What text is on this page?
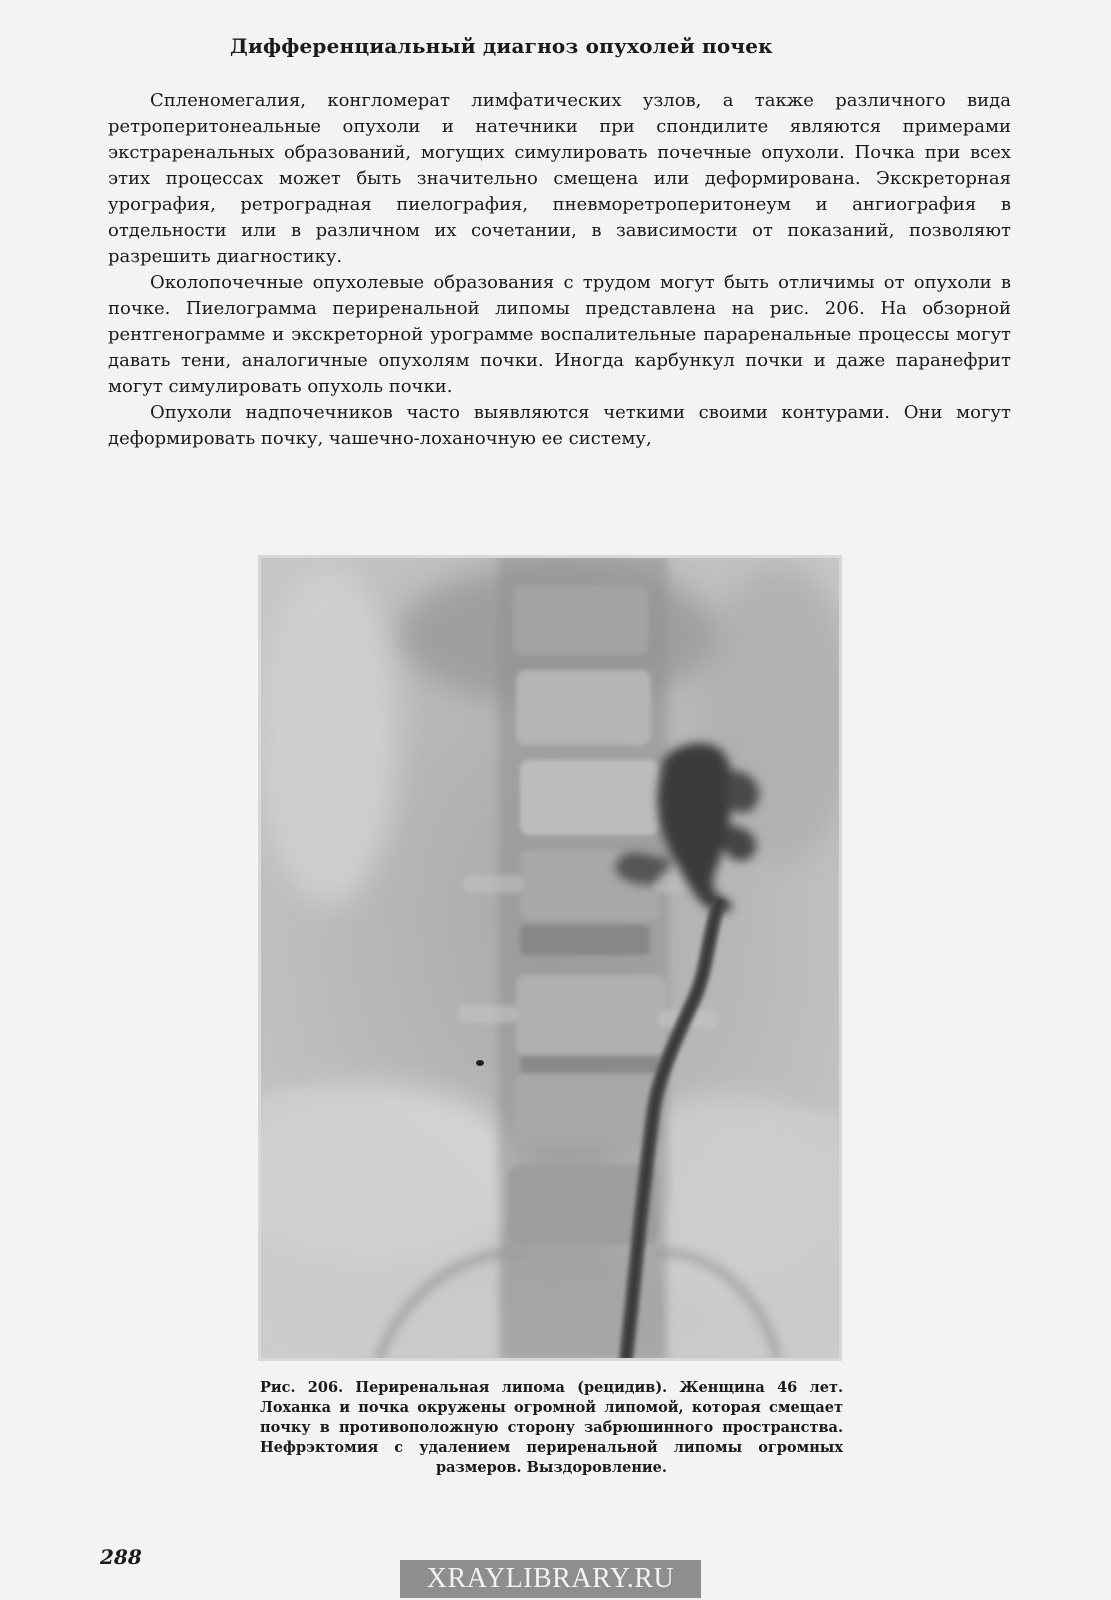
Дифференциальный диагноз опухолей почек

Спленомегалия, конгломерат лимфатических узлов, а также различного вида ретроперитонеальные опухоли и натечники при спондилите являются примерами экстраренальных образований, могущих симулировать почечные опухоли. Почка при всех этих процессах может быть значительно смещена или деформирована. Экскреторная урография, ретроградная пиелография, пневморетроперитонеум и ангиография в отдельности или в различном их сочетании, в зависимости от показаний, позволяют разрешить диагностику.

Околопочечные опухолевые образования с трудом могут быть отличимы от опухоли в почке. Пиелограмма периренальной липомы представлена на рис. 206. На обзорной рентгенограмме и экскреторной урограмме воспалительные параренальные процессы могут давать тени, аналогичные опухолям почки. Иногда карбункул почки и даже паранефрит могут симулировать опухоль почки.

Опухоли надпочечников часто выявляются четкими своими контурами. Они могут деформировать почку, чашечно-лоханочную ее систему,

Рис. 206. Периренальная липома (рецидив). Женщина 46 лет. Лоханка и почка окружены огромной липомой, которая смещает почку в противоположную сторону забрюшинного пространства. Нефрэктомия с удалением периренальной липомы огромных размеров. Выздоровление.
288
XRAYLIBRARY.RU
